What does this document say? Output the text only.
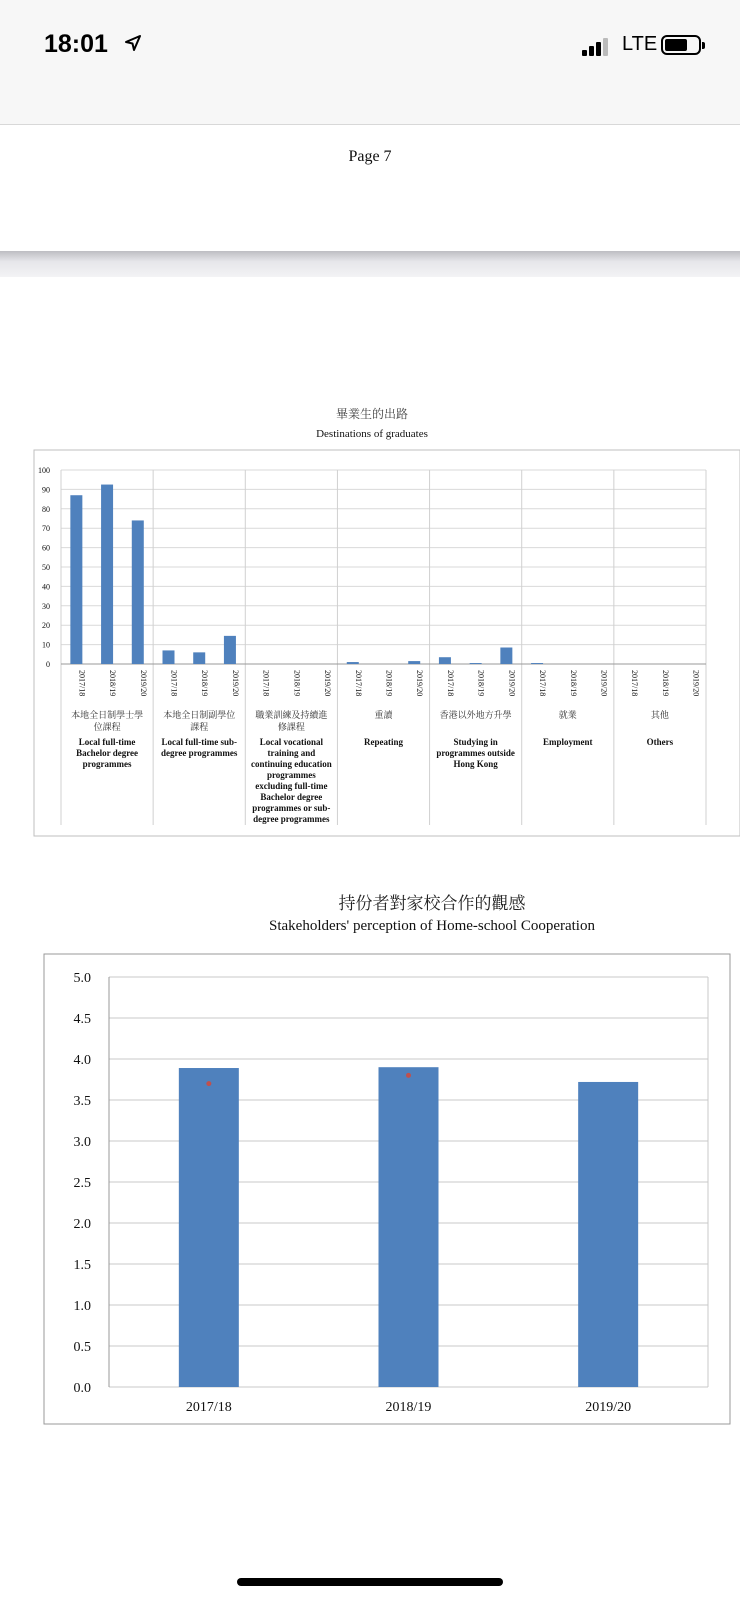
18:01	LTE
Page 7
畢業生的出路
Destinations of graduates
0
10
20
30
40
50
60
70
80
90
100
2017/18	2018/19	2019/20
本地全日制學士學
位課程
Local full-time
Bachelor degree
programmes
2017/18	2018/19	2019/20
本地全日制副學位
課程
Local full-time sub-
degree programmes
2017/18	2018/19	2019/20
職業訓練及持續進
修課程
Local vocational
training and
continuing education
programmes
excluding full-time
Bachelor degree
programmes or sub-
degree programmes
2017/18	2018/19	2019/20
重讀
Repeating
2017/18	2018/19	2019/20
香港以外地方升學
Studying in
programmes outside
Hong Kong
2017/18	2018/19	2019/20
就業
Employment
2017/18	2018/19	2019/20
其他
Others
持份者對家校合作的觀感
Stakeholders' perception of Home-school Cooperation
0.0
0.5
1.0
1.5
2.0
2.5
3.0
3.5
4.0
4.5
5.0
2017/18	2018/19	2019/20
